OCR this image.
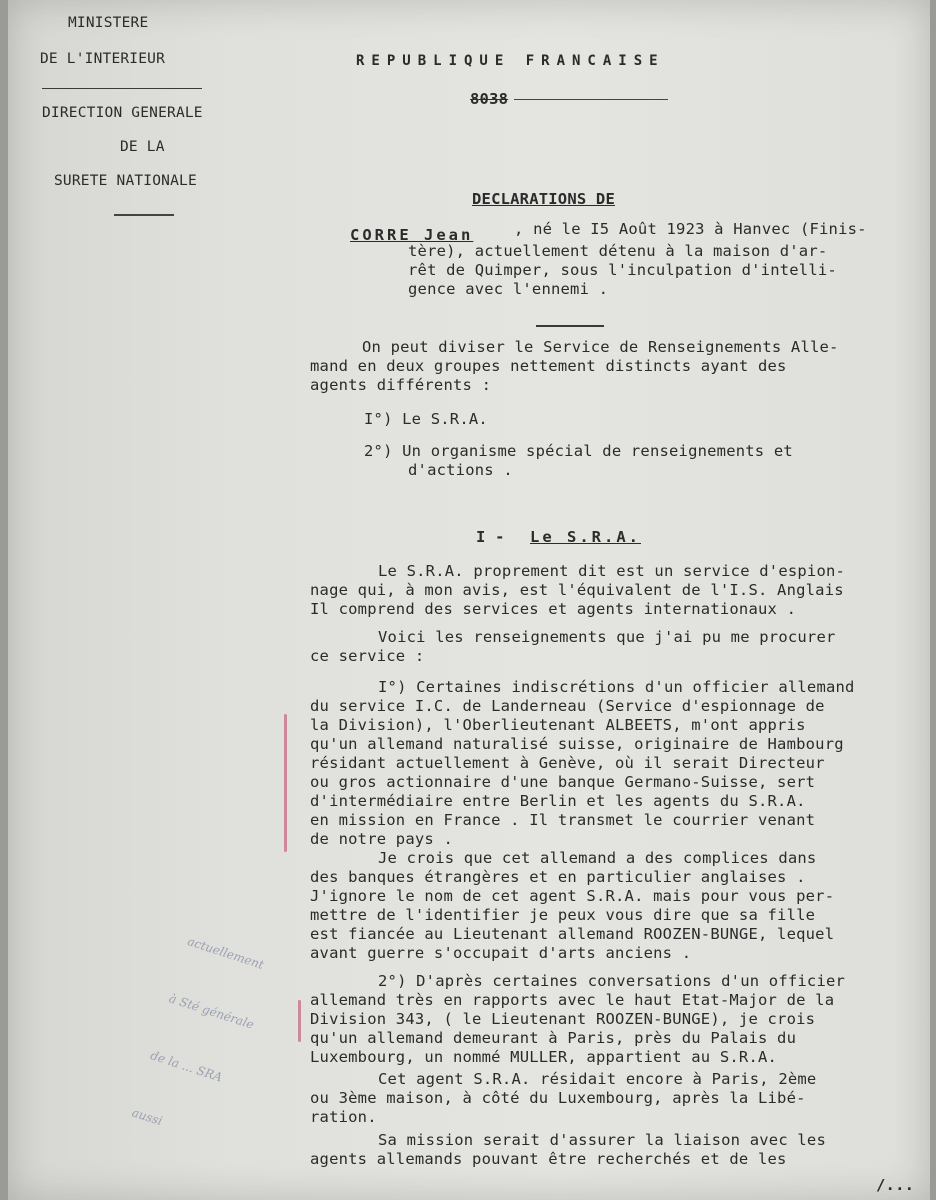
MINISTERE
DE L'INTERIEUR
DIRECTION GENERALE
DE LA
SURETE NATIONALE
REPUBLIQUE FRANCAISE
8038
DECLARATIONS DE
CORRE Jean	, né le I5 Août 1923 à Hanvec (Finis-
tère), actuellement détenu à la maison d'ar-
rêt de Quimper, sous l'inculpation d'intelli-
gence avec l'ennemi .
On peut diviser le Service de Renseignements Alle-
mand en deux groupes nettement distincts ayant des
agents différents :
I°) Le S.R.A.
2°) Un organisme spécial de renseignements et
d'actions .
I - Le S.R.A.
Le S.R.A. proprement dit est un service d'espion-
nage qui, à mon avis, est l'équivalent de l'I.S. Anglais
Il comprend des services et agents internationaux .
Voici les renseignements que j'ai pu me procurer
ce service :
I°) Certaines indiscrétions d'un officier allemand
du service I.C. de Landerneau (Service d'espionnage de
la Division), l'Oberlieutenant ALBEETS, m'ont appris
qu'un allemand naturalisé suisse, originaire de Hambourg
résidant actuellement à Genève, où il serait Directeur
ou gros actionnaire d'une banque Germano-Suisse, sert
d'intermédiaire entre Berlin et les agents du S.R.A.
en mission en France . Il transmet le courrier venant
de notre pays .
Je crois que cet allemand a des complices dans
des banques étrangères et en particulier anglaises .
J'ignore le nom de cet agent S.R.A. mais pour vous per-
mettre de l'identifier je peux vous dire que sa fille
est fiancée au Lieutenant allemand ROOZEN-BUNGE, lequel
avant guerre s'occupait d'arts anciens .
2°) D'après certaines conversations d'un officier
allemand très en rapports avec le haut Etat-Major de la
Division 343, ( le Lieutenant ROOZEN-BUNGE), je crois
qu'un allemand demeurant à Paris, près du Palais du
Luxembourg, un nommé MULLER, appartient au S.R.A.
Cet agent S.R.A. résidait encore à Paris, 2ème
ou 3ème maison, à côté du Luxembourg, après la Libé-
ration.
Sa mission serait d'assurer la liaison avec les
agents allemands pouvant être recherchés et de les
/...

actuellement

à Sté générale

de la ... SRA

aussi
